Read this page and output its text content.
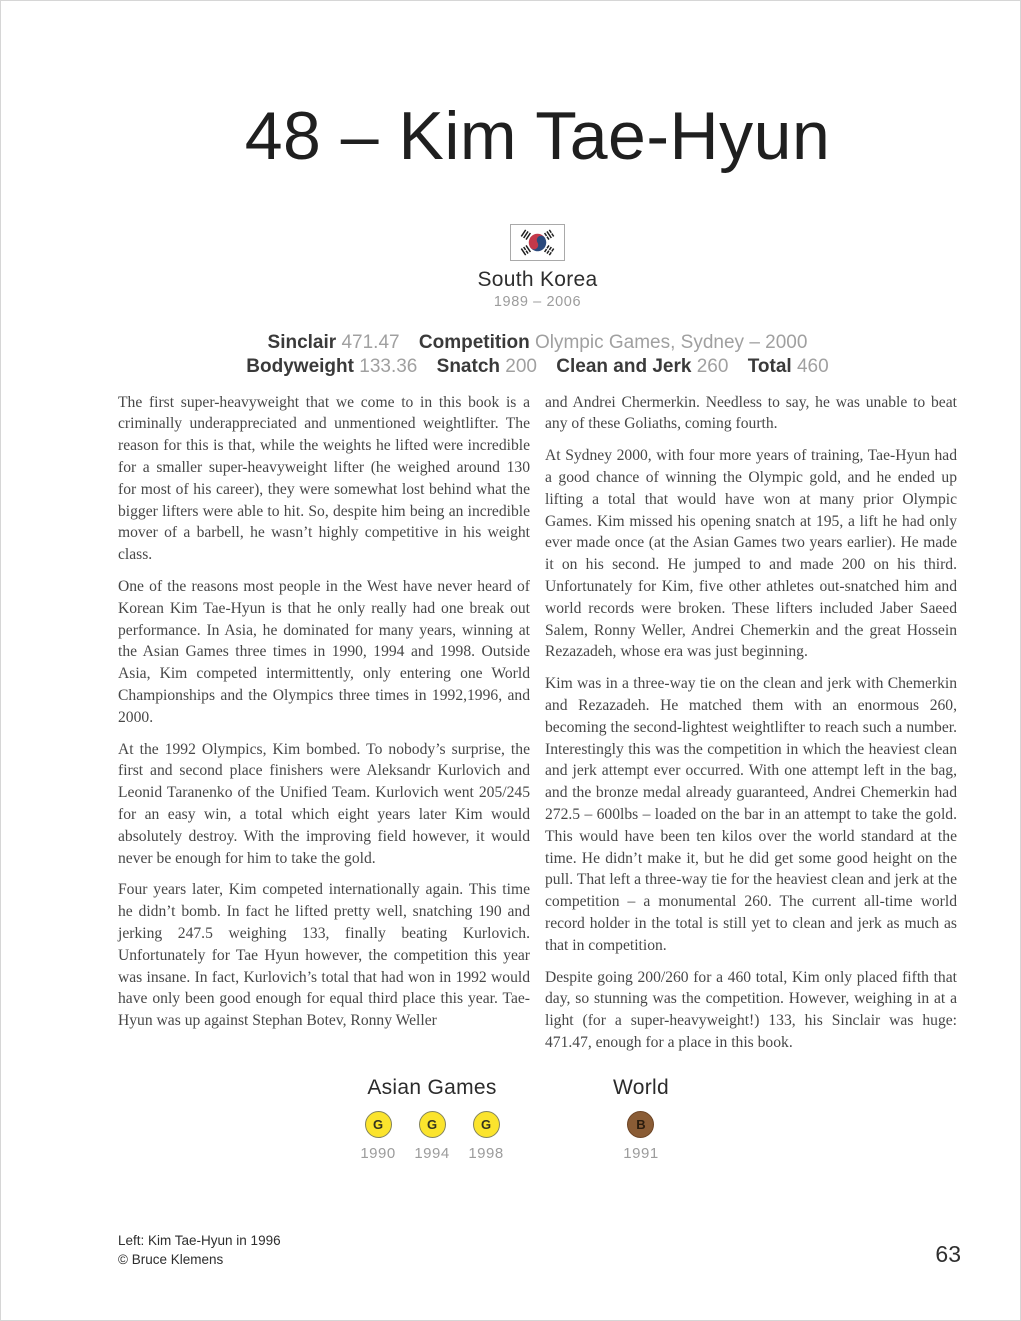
48 – Kim Tae-Hyun
South Korea
1989 – 2006
Sinclair 471.47 Competition Olympic Games, Sydney – 2000
Bodyweight 133.36 Snatch 200 Clean and Jerk 260 Total 460

The first super-heavyweight that we come to in this book is a criminally underappreciated and unmentioned weightlifter. The reason for this is that, while the weights he lifted were incredible for a smaller super-heavyweight lifter (he weighed around 130 for most of his career), they were somewhat lost behind what the bigger lifters were able to hit. So, despite him being an incredible mover of a barbell, he wasn’t highly competitive in his weight class.

One of the reasons most people in the West have never heard of Korean Kim Tae-Hyun is that he only really had one break out performance. In Asia, he dominated for many years, winning at the Asian Games three times in 1990, 1994 and 1998. Outside Asia, Kim competed intermittently, only entering one World Championships and the Olympics three times in 1992,1996, and 2000.

At the 1992 Olympics, Kim bombed. To nobody’s surprise, the first and second place finishers were Aleksandr Kurlovich and Leonid Taranenko of the Unified Team. Kurlovich went 205/245 for an easy win, a total which eight years later Kim would absolutely destroy. With the improving field however, it would never be enough for him to take the gold.

Four years later, Kim competed internationally again. This time he didn’t bomb. In fact he lifted pretty well, snatching 190 and jerking 247.5 weighing 133, finally beating Kurlovich. Unfortunately for Tae Hyun however, the competition this year was insane. In fact, Kurlovich’s total that had won in 1992 would have only been good enough for equal third place this year. Tae-Hyun was up against Stephan Botev, Ronny Weller

and Andrei Chermerkin. Needless to say, he was unable to beat any of these Goliaths, coming fourth.

At Sydney 2000, with four more years of training, Tae-Hyun had a good chance of winning the Olympic gold, and he ended up lifting a total that would have won at many prior Olympic Games. Kim missed his opening snatch at 195, a lift he had only ever made once (at the Asian Games two years earlier). He made it on his second. He jumped to and made 200 on his third. Unfortunately for Kim, five other athletes out-snatched him and world records were broken. These lifters included Jaber Saeed Salem, Ronny Weller, Andrei Chemerkin and the great Hossein Rezazadeh, whose era was just beginning.

Kim was in a three-way tie on the clean and jerk with Chemerkin and Rezazadeh. He matched them with an enormous 260, becoming the second-lightest weightlifter to reach such a number. Interestingly this was the competition in which the heaviest clean and jerk attempt ever occurred. With one attempt left in the bag, and the bronze medal already guaranteed, Andrei Chemerkin had 272.5 – 600lbs – loaded on the bar in an attempt to take the gold. This would have been ten kilos over the world standard at the time. He didn’t make it, but he did get some good height on the pull. That left a three-way tie for the heaviest clean and jerk at the competition – a monumental 260. The current all-time world record holder in the total is still yet to clean and jerk as much as that in competition.

Despite going 200/260 for a 460 total, Kim only placed fifth that day, so stunning was the competition. However, weighing in at a light (for a super-heavyweight!) 133, his Sinclair was huge: 471.47, enough for a place in this book.

Asian Games
G	G	G
1990	1994	1998
World
B
1991
Left: Kim Tae-Hyun in 1996
© Bruce Klemens	63
